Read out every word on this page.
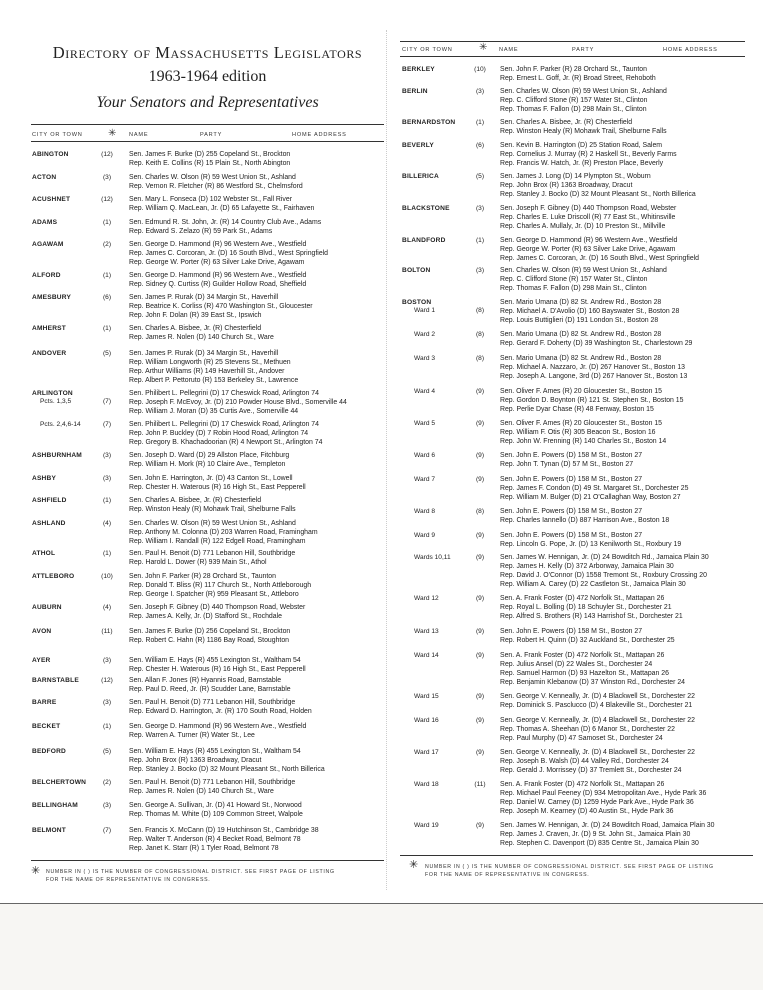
Directory of Massachusetts Legislators
1963-1964 edition
Your Senators and Representatives
CITY OR TOWN	✳ NAME	PARTY	HOME ADDRESS
ABINGTON	(12)	Sen. James F. Burke (D) 255 Copeland St., Brockton
Rep. Keith E. Collins (R) 15 Plain St., North Abington
ACTON	(3)	Sen. Charles W. Olson (R) 59 West Union St., Ashland
Rep. Vernon R. Fletcher (R) 86 Westford St., Chelmsford
ACUSHNET	(12)	Sen. Mary L. Fonseca (D) 102 Webster St., Fall River
Rep. William Q. MacLean, Jr. (D) 65 Lafayette St., Fairhaven
ADAMS	(1)	Sen. Edmund R. St. John, Jr. (R) 14 Country Club Ave., Adams
Rep. Edward S. Zelazo (R) 59 Park St., Adams
AGAWAM	(2)	Sen. George D. Hammond (R) 96 Western Ave., Westfield
Rep. James C. Corcoran, Jr. (D) 16 South Blvd., West Springfield
Rep. George W. Porter (R) 63 Silver Lake Drive, Agawam
ALFORD	(1)	Sen. George D. Hammond (R) 96 Western Ave., Westfield
Rep. Sidney Q. Curtiss (R) Guilder Hollow Road, Sheffield
AMESBURY	(6)	Sen. James P. Rurak (D) 34 Margin St., Haverhill
Rep. Beatrice K. Corliss (R) 470 Washington St., Gloucester
Rep. John F. Dolan (R) 39 East St., Ipswich
AMHERST	(1)	Sen. Charles A. Bisbee, Jr. (R) Chesterfield
Rep. James R. Nolen (D) 140 Church St., Ware
ANDOVER	(5)	Sen. James P. Rurak (D) 34 Margin St., Haverhill
Rep. William Longworth (R) 25 Stevens St., Methuen
Rep. Arthur Williams (R) 149 Haverhill St., Andover
Rep. Albert P. Pettoruto (R) 153 Berkeley St., Lawrence
ARLINGTON
Pcts. 1,3,5	(7)
Sen. Philibert L. Pellegrini (D) 17 Cheswick Road, Arlington 74
Rep. Joseph F. McEvoy, Jr. (D) 210 Powder House Blvd., Somerville 44
Rep. William J. Moran (D) 35 Curtis Ave., Somerville 44
Pcts. 2,4,6-14	(7)	Sen. Philibert L. Pellegrini (D) 17 Cheswick Road, Arlington 74
Rep. John P. Buckley (D) 7 Robin Hood Road, Arlington 74
Rep. Gregory B. Khachadoorian (R) 4 Newport St., Arlington 74
ASHBURNHAM	(3)	Sen. Joseph D. Ward (D) 29 Allston Place, Fitchburg
Rep. William H. Mork (R) 10 Claire Ave., Templeton
ASHBY	(3)	Sen. John E. Harrington, Jr. (D) 43 Canton St., Lowell
Rep. Chester H. Waterous (R) 16 High St., East Pepperell
ASHFIELD	(1)	Sen. Charles A. Bisbee, Jr. (R) Chesterfield
Rep. Winston Healy (R) Mohawk Trail, Shelburne Falls
ASHLAND	(4)	Sen. Charles W. Olson (R) 59 West Union St., Ashland
Rep. Anthony M. Colonna (D) 203 Warren Road, Framingham
Rep. William I. Randall (R) 122 Edgell Road, Framingham
ATHOL	(1)	Sen. Paul H. Benoit (D) 771 Lebanon Hill, Southbridge
Rep. Harold L. Dower (R) 939 Main St., Athol
ATTLEBORO	(10)	Sen. John F. Parker (R) 28 Orchard St., Taunton
Rep. Donald T. Bliss (R) 117 Church St., North Attleborough
Rep. George I. Spatcher (R) 959 Pleasant St., Attleboro
AUBURN	(4)	Sen. Joseph F. Gibney (D) 440 Thompson Road, Webster
Rep. James A. Kelly, Jr. (D) Stafford St., Rochdale
AVON	(11)	Sen. James F. Burke (D) 256 Copeland St., Brockton
Rep. Robert C. Hahn (R) 1186 Bay Road, Stoughton
AYER	(3)	Sen. William E. Hays (R) 455 Lexington St., Waltham 54
Rep. Chester H. Waterous (R) 16 High St., East Pepperell
BARNSTABLE	(12)	Sen. Allan F. Jones (R) Hyannis Road, Barnstable
Rep. Paul D. Reed, Jr. (R) Scudder Lane, Barnstable
BARRE	(3)	Sen. Paul H. Benoit (D) 771 Lebanon Hill, Southbridge
Rep. Edward D. Harrington, Jr. (R) 170 South Road, Holden
BECKET	(1)	Sen. George D. Hammond (R) 96 Western Ave., Westfield
Rep. Warren A. Turner (R) Water St., Lee
BEDFORD	(5)	Sen. William E. Hays (R) 455 Lexington St., Waltham 54
Rep. John Brox (R) 1363 Broadway, Dracut
Rep. Stanley J. Bocko (D) 32 Mount Pleasant St., North Billerica
BELCHERTOWN	(2)	Sen. Paul H. Benoit (D) 771 Lebanon Hill, Southbridge
Rep. James R. Nolen (D) 140 Church St., Ware
BELLINGHAM	(3)	Sen. George A. Sullivan, Jr. (D) 41 Howard St., Norwood
Rep. Thomas M. White (D) 109 Common Street, Walpole
BELMONT	(7)	Sen. Francis X. McCann (D) 19 Hutchinson St., Cambridge 38
Rep. Walter T. Anderson (R) 4 Becket Road, Belmont 78
Rep. Janet K. Starr (R) 1 Tyler Road, Belmont 78
✳ NUMBER IN ( ) IS THE NUMBER OF CONGRESSIONAL DISTRICT. SEE FIRST PAGE OF LISTING
FOR THE NAME OF REPRESENTATIVE IN CONGRESS.
CITY OR TOWN	✳ NAME	PARTY	HOME ADDRESS
BERKLEY	(10)	Sen. John F. Parker (R) 28 Orchard St., Taunton
Rep. Ernest L. Goff, Jr. (R) Broad Street, Rehoboth
BERLIN	(3)	Sen. Charles W. Olson (R) 59 West Union St., Ashland
Rep. C. Clifford Stone (R) 157 Water St., Clinton
Rep. Thomas F. Fallon (D) 298 Main St., Clinton
BERNARDSTON	(1)	Sen. Charles A. Bisbee, Jr. (R) Chesterfield
Rep. Winston Healy (R) Mohawk Trail, Shelburne Falls
BEVERLY	(6)	Sen. Kevin B. Harrington (D) 25 Station Road, Salem
Rep. Cornelius J. Murray (R) 2 Haskell St., Beverly Farms
Rep. Francis W. Hatch, Jr. (R) Preston Place, Beverly
BILLERICA	(5)	Sen. James J. Long (D) 14 Plympton St., Woburn
Rep. John Brox (R) 1363 Broadway, Dracut
Rep. Stanley J. Bocko (D) 32 Mount Pleasant St., North Billerica
BLACKSTONE	(3)	Sen. Joseph F. Gibney (D) 440 Thompson Road, Webster
Rep. Charles E. Luke Driscoll (R) 77 East St., Whitinsville
Rep. Charles A. Mullaly, Jr. (D) 10 Preston St., Millville
BLANDFORD	(1)	Sen. George D. Hammond (R) 96 Western Ave., Westfield
Rep. George W. Porter (R) 63 Silver Lake Drive, Agawam
Rep. James C. Corcoran, Jr. (D) 16 South Blvd., West Springfield
BOLTON	(3)	Sen. Charles W. Olson (R) 59 West Union St., Ashland
Rep. C. Clifford Stone (R) 157 Water St., Clinton
Rep. Thomas F. Fallon (D) 298 Main St., Clinton
BOSTON
Ward 1	(8)
Sen. Mario Umana (D) 82 St. Andrew Rd., Boston 28
Rep. Michael A. D'Avolio (D) 160 Bayswater St., Boston 28
Rep. Louis Buttiglieri (D) 191 London St., Boston 28
Ward 2	(8)	Sen. Mario Umana (D) 82 St. Andrew Rd., Boston 28
Rep. Gerard F. Doherty (D) 39 Washington St., Charlestown 29
Ward 3	(8)	Sen. Mario Umana (D) 82 St. Andrew Rd., Boston 28
Rep. Michael A. Nazzaro, Jr. (D) 267 Hanover St., Boston 13
Rep. Joseph A. Langone, 3rd (D) 267 Hanover St., Boston 13
Ward 4	(9)	Sen. Oliver F. Ames (R) 20 Gloucester St., Boston 15
Rep. Gordon D. Boynton (R) 121 St. Stephen St., Boston 15
Rep. Perlie Dyar Chase (R) 48 Fenway, Boston 15
Ward 5	(9)	Sen. Oliver F. Ames (R) 20 Gloucester St., Boston 15
Rep. William F. Otis (R) 305 Beacon St., Boston 16
Rep. John W. Frenning (R) 140 Charles St., Boston 14
Ward 6	(9)	Sen. John E. Powers (D) 158 M St., Boston 27
Rep. John T. Tynan (D) 57 M St., Boston 27
Ward 7	(9)	Sen. John E. Powers (D) 158 M St., Boston 27
Rep. James F. Condon (D) 49 St. Margaret St., Dorchester 25
Rep. William M. Bulger (D) 21 O'Callaghan Way, Boston 27
Ward 8	(8)	Sen. John E. Powers (D) 158 M St., Boston 27
Rep. Charles Iannello (D) 887 Harrison Ave., Boston 18
Ward 9	(9)	Sen. John E. Powers (D) 158 M St., Boston 27
Rep. Lincoln G. Pope, Jr. (D) 13 Kenilworth St., Roxbury 19
Wards 10,11	(9)	Sen. James W. Hennigan, Jr. (D) 24 Bowditch Rd., Jamaica Plain 30
Rep. James H. Kelly (D) 372 Arborway, Jamaica Plain 30
Rep. David J. O'Connor (D) 1558 Tremont St., Roxbury Crossing 20
Rep. William A. Carey (D) 22 Castleton St., Jamaica Plain 30
Ward 12	(9)	Sen. A. Frank Foster (D) 472 Norfolk St., Mattapan 26
Rep. Royal L. Bolling (D) 18 Schuyler St., Dorchester 21
Rep. Alfred S. Brothers (R) 143 Harrishof St., Dorchester 21
Ward 13	(9)	Sen. John E. Powers (D) 158 M St., Boston 27
Rep. Robert H. Quinn (D) 32 Auckland St., Dorchester 25
Ward 14	(9)	Sen. A. Frank Foster (D) 472 Norfolk St., Mattapan 26
Rep. Julius Ansel (D) 22 Wales St., Dorchester 24
Rep. Samuel Harmon (D) 93 Hazelton St., Mattapan 26
Rep. Benjamin Klebanow (D) 37 Winston Rd., Dorchester 24
Ward 15	(9)	Sen. George V. Kenneally, Jr. (D) 4 Blackwell St., Dorchester 22
Rep. Dominick S. Pasclucco (D) 4 Blakeville St., Dorchester 21
Ward 16	(9)	Sen. George V. Kenneally, Jr. (D) 4 Blackwell St., Dorchester 22
Rep. Thomas A. Sheehan (D) 6 Manor St., Dorchester 22
Rep. Paul Murphy (D) 47 Samoset St., Dorchester 24
Ward 17	(9)	Sen. George V. Kenneally, Jr. (D) 4 Blackwell St., Dorchester 22
Rep. Joseph B. Walsh (D) 44 Valley Rd., Dorchester 24
Rep. Gerald J. Morrissey (D) 37 Tremlett St., Dorchester 24
Ward 18	(11)	Sen. A. Frank Foster (D) 472 Norfolk St., Mattapan 26
Rep. Michael Paul Feeney (D) 934 Metropolitan Ave., Hyde Park 36
Rep. Daniel W. Carney (D) 1259 Hyde Park Ave., Hyde Park 36
Rep. Joseph M. Kearney (D) 40 Austin St., Hyde Park 36
Ward 19	(9)	Sen. James W. Hennigan, Jr. (D) 24 Bowditch Road, Jamaica Plain 30
Rep. James J. Craven, Jr. (D) 9 St. John St., Jamaica Plain 30
Rep. Stephen C. Davenport (D) 835 Centre St., Jamaica Plain 30
✳ NUMBER IN ( ) IS THE NUMBER OF CONGRESSIONAL DISTRICT. SEE FIRST PAGE OF LISTING
FOR THE NAME OF REPRESENTATIVE IN CONGRESS.
